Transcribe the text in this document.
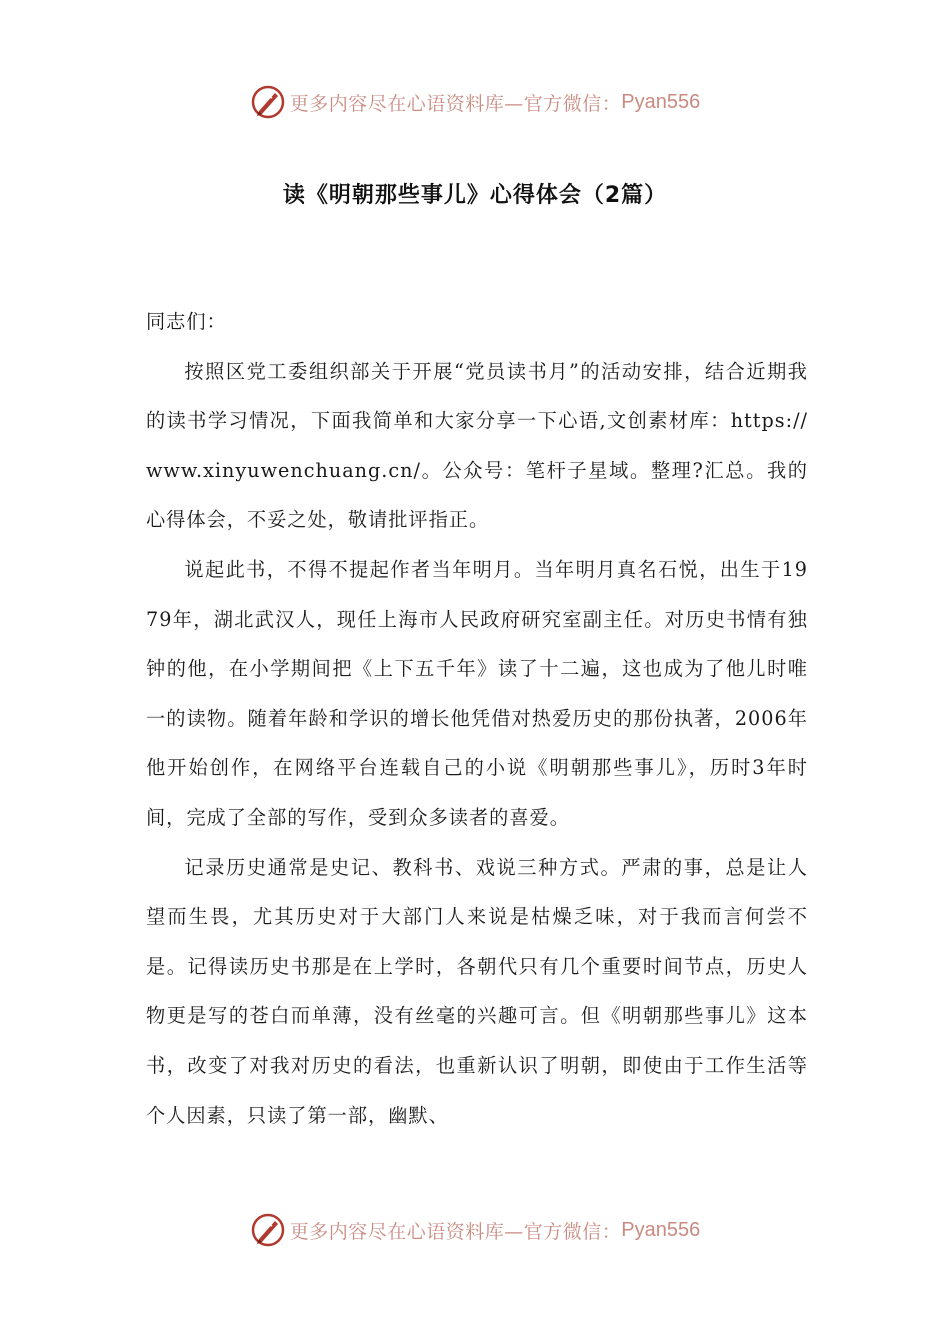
更多内容尽在心语资料库—官方微信： Pyan556
读《明朝那些事儿》心得体会（2篇）

同志们：

按照区党工委组织部关于开展“党员读书月”的活动安排，结合近期我的读书学习情况，下面我简单和大家分享一下心语,文创素材库：https://www.xinyuwenchuang.cn/。公众号：笔杆子星域。整理?汇总。我的心得体会，不妥之处，敬请批评指正。

说起此书，不得不提起作者当年明月。当年明月真名石悦，出生于1979年，湖北武汉人，现任上海市人民政府研究室副主任。对历史书情有独钟的他，在小学期间把《上下五千年》读了十二遍，这也成为了他儿时唯一的读物。随着年龄和学识的增长他凭借对热爱历史的那份执著，2006年他开始创作，在网络平台连载自己的小说《明朝那些事儿》，历时3年时间，完成了全部的写作，受到众多读者的喜爱。

记录历史通常是史记、教科书、戏说三种方式。严肃的事，总是让人望而生畏，尤其历史对于大部门人来说是枯燥乏味，对于我而言何尝不是。记得读历史书那是在上学时，各朝代只有几个重要时间节点，历史人物更是写的苍白而单薄，没有丝毫的兴趣可言。但《明朝那些事儿》这本书，改变了对我对历史的看法，也重新认识了明朝，即使由于工作生活等个人因素，只读了第一部，幽默、

更多内容尽在心语资料库—官方微信： Pyan556
